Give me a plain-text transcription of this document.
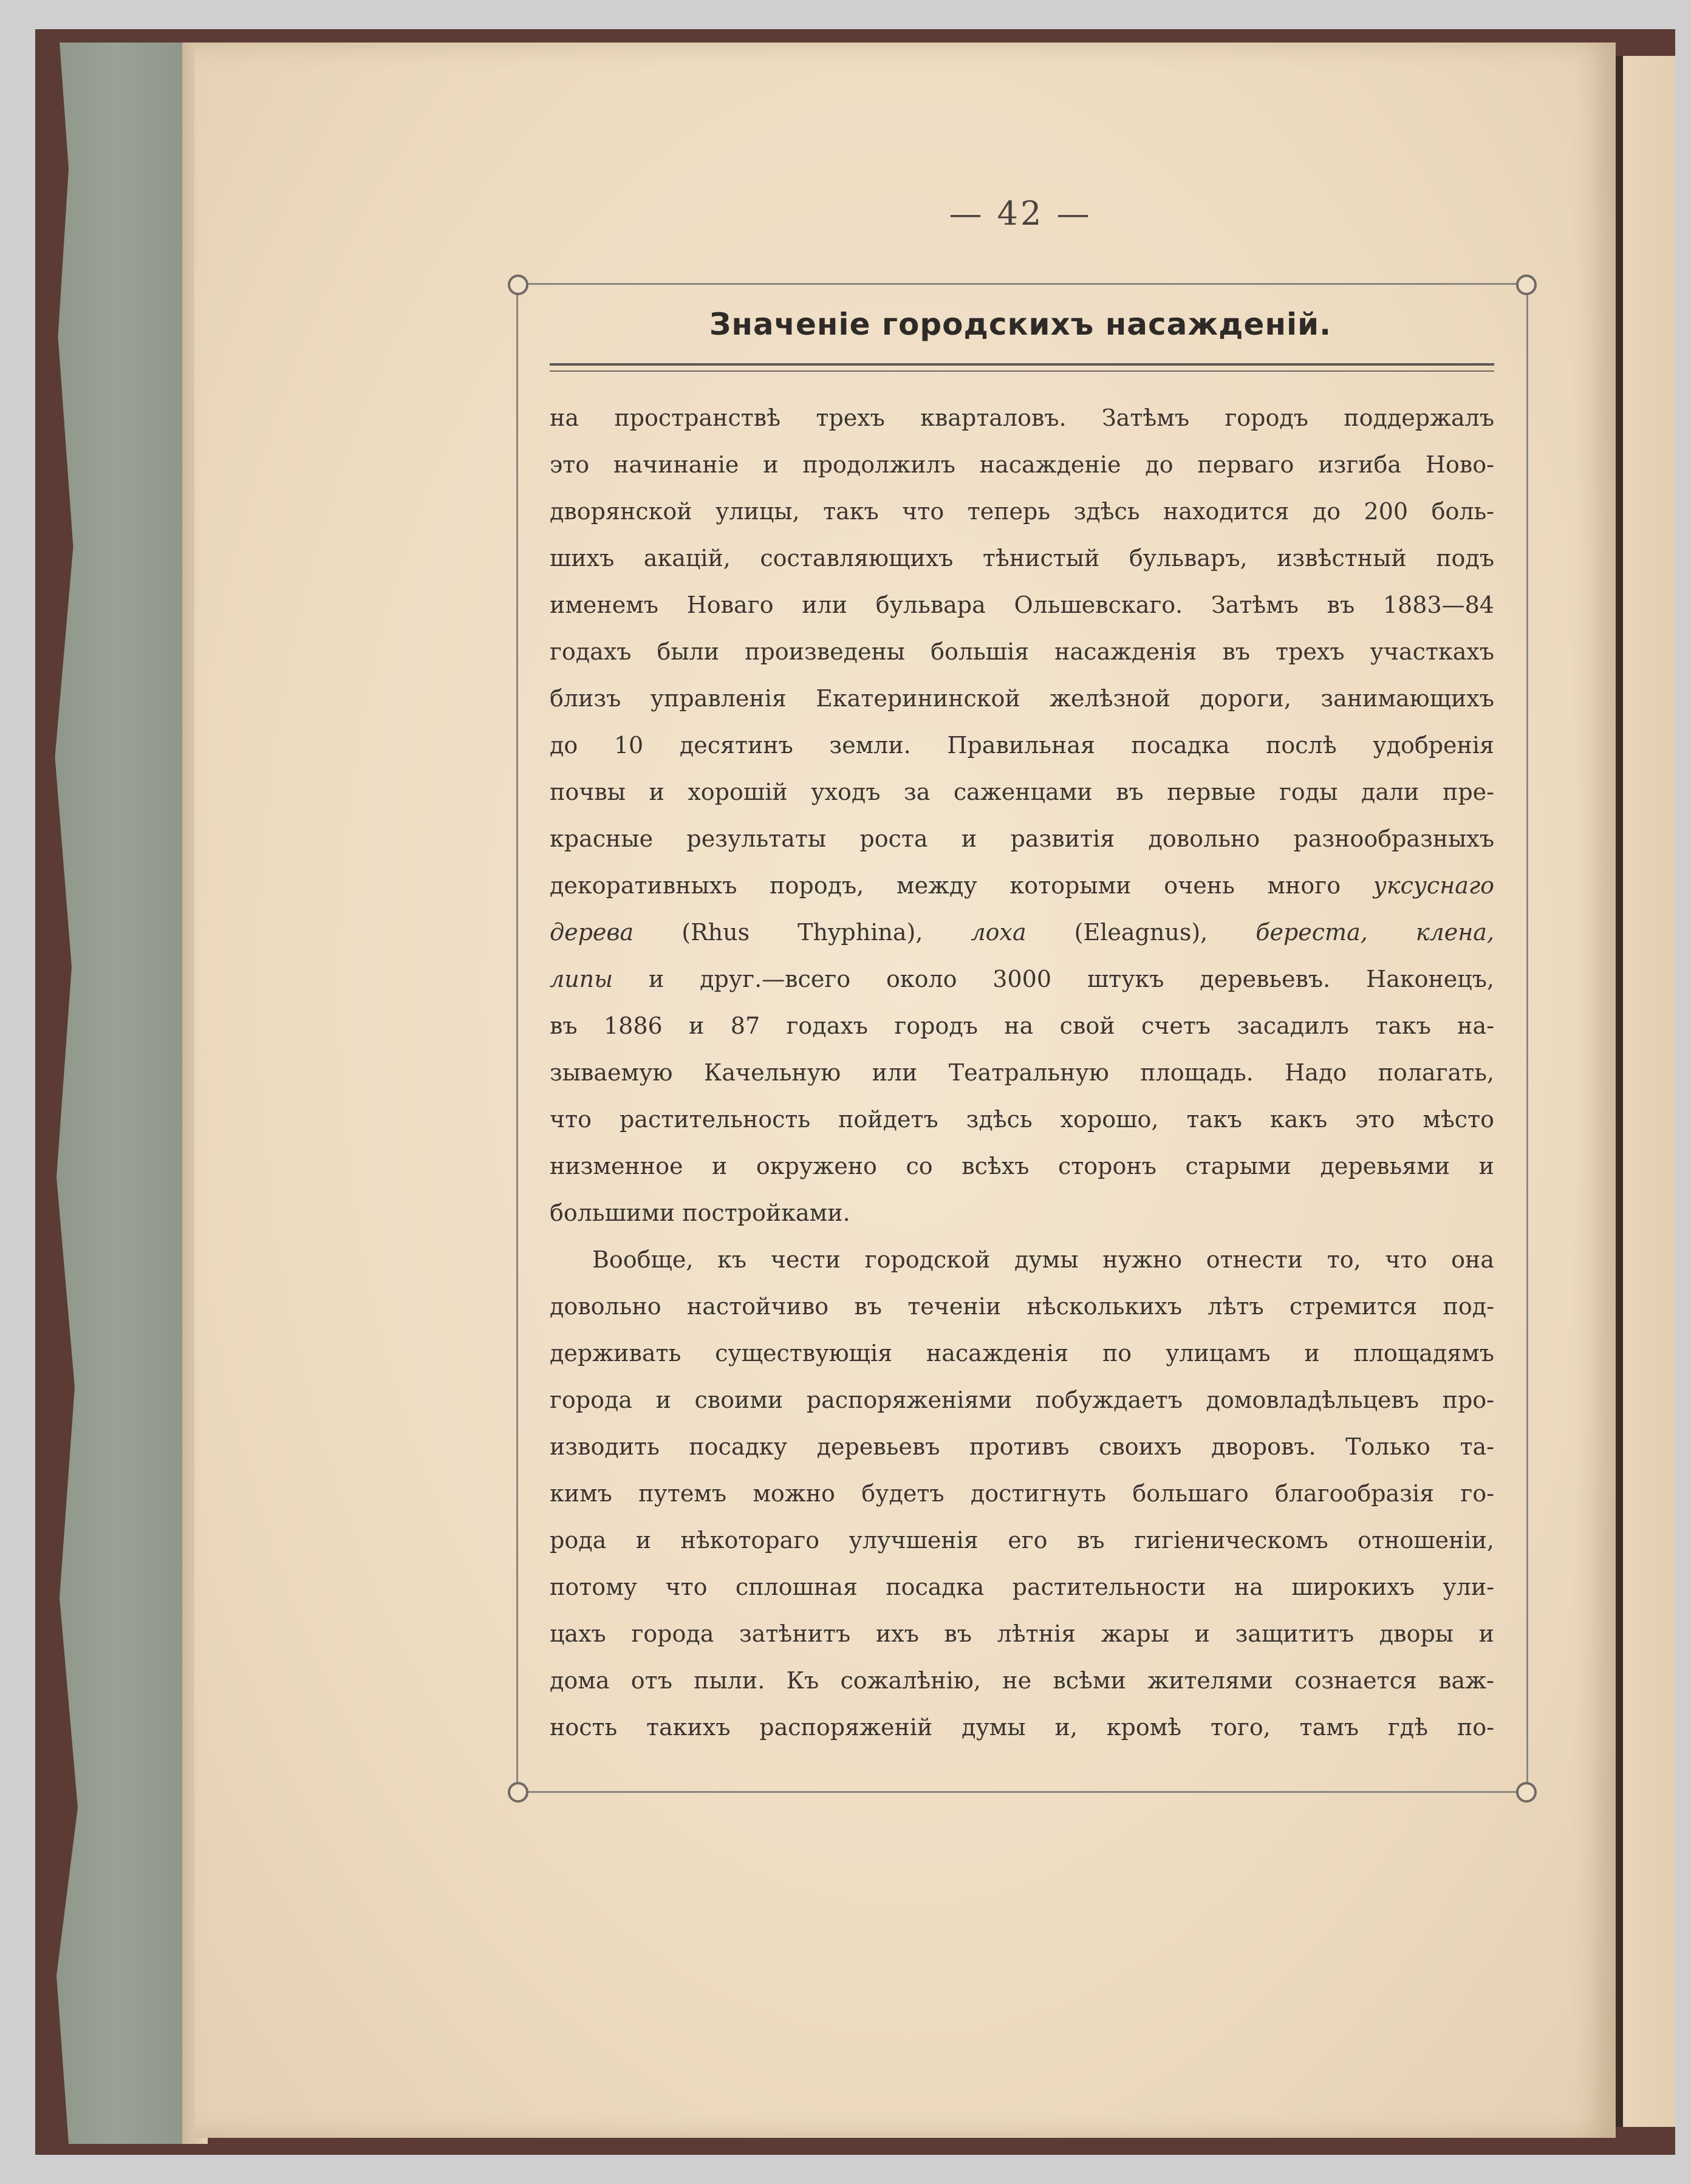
— 42 —
Значеніе городскихъ насажденій.
на пространствѣ трехъ кварталовъ. Затѣмъ городъ поддержалъ
это начинаніе и продолжилъ насажденіе до перваго изгиба Ново-
дворянской улицы, такъ что теперь здѣсь находится до 200 боль-
шихъ акацій, составляющихъ тѣнистый бульваръ, извѣстный подъ
именемъ Новаго или бульвара Ольшевскаго. Затѣмъ въ 1883—84
годахъ были произведены большія насажденія въ трехъ участкахъ
близъ управленія Екатерининской желѣзной дороги, занимающихъ
до 10 десятинъ земли. Правильная посадка послѣ удобренія
почвы и хорошій уходъ за саженцами въ первые годы дали пре-
красные результаты роста и развитія довольно разнообразныхъ
декоративныхъ породъ, между которыми очень много уксуснаго
дерева (Rhus Thyphina), лоха (Eleagnus), береста, клена,
липы и друг.—всего около 3000 штукъ деревьевъ. Наконецъ,
въ 1886 и 87 годахъ городъ на свой счетъ засадилъ такъ на-
зываемую Качельную или Театральную площадь. Надо полагать,
что растительность пойдетъ здѣсь хорошо, такъ какъ это мѣсто
низменное и окружено со всѣхъ сторонъ старыми деревьями и
большими постройками.
Вообще, къ чести городской думы нужно отнести то, что она
довольно настойчиво въ теченіи нѣсколькихъ лѣтъ стремится под-
держивать существующія насажденія по улицамъ и площадямъ
города и своими распоряженіями побуждаетъ домовладѣльцевъ про-
изводить посадку деревьевъ противъ своихъ дворовъ. Только та-
кимъ путемъ можно будетъ достигнуть большаго благообразія го-
рода и нѣкотораго улучшенія его въ гигіеническомъ отношеніи,
потому что сплошная посадка растительности на широкихъ ули-
цахъ города затѣнитъ ихъ въ лѣтнія жары и защититъ дворы и
дома отъ пыли. Къ сожалѣнію, не всѣми жителями сознается важ-
ность такихъ распоряженій думы и, кромѣ того, тамъ гдѣ по-
